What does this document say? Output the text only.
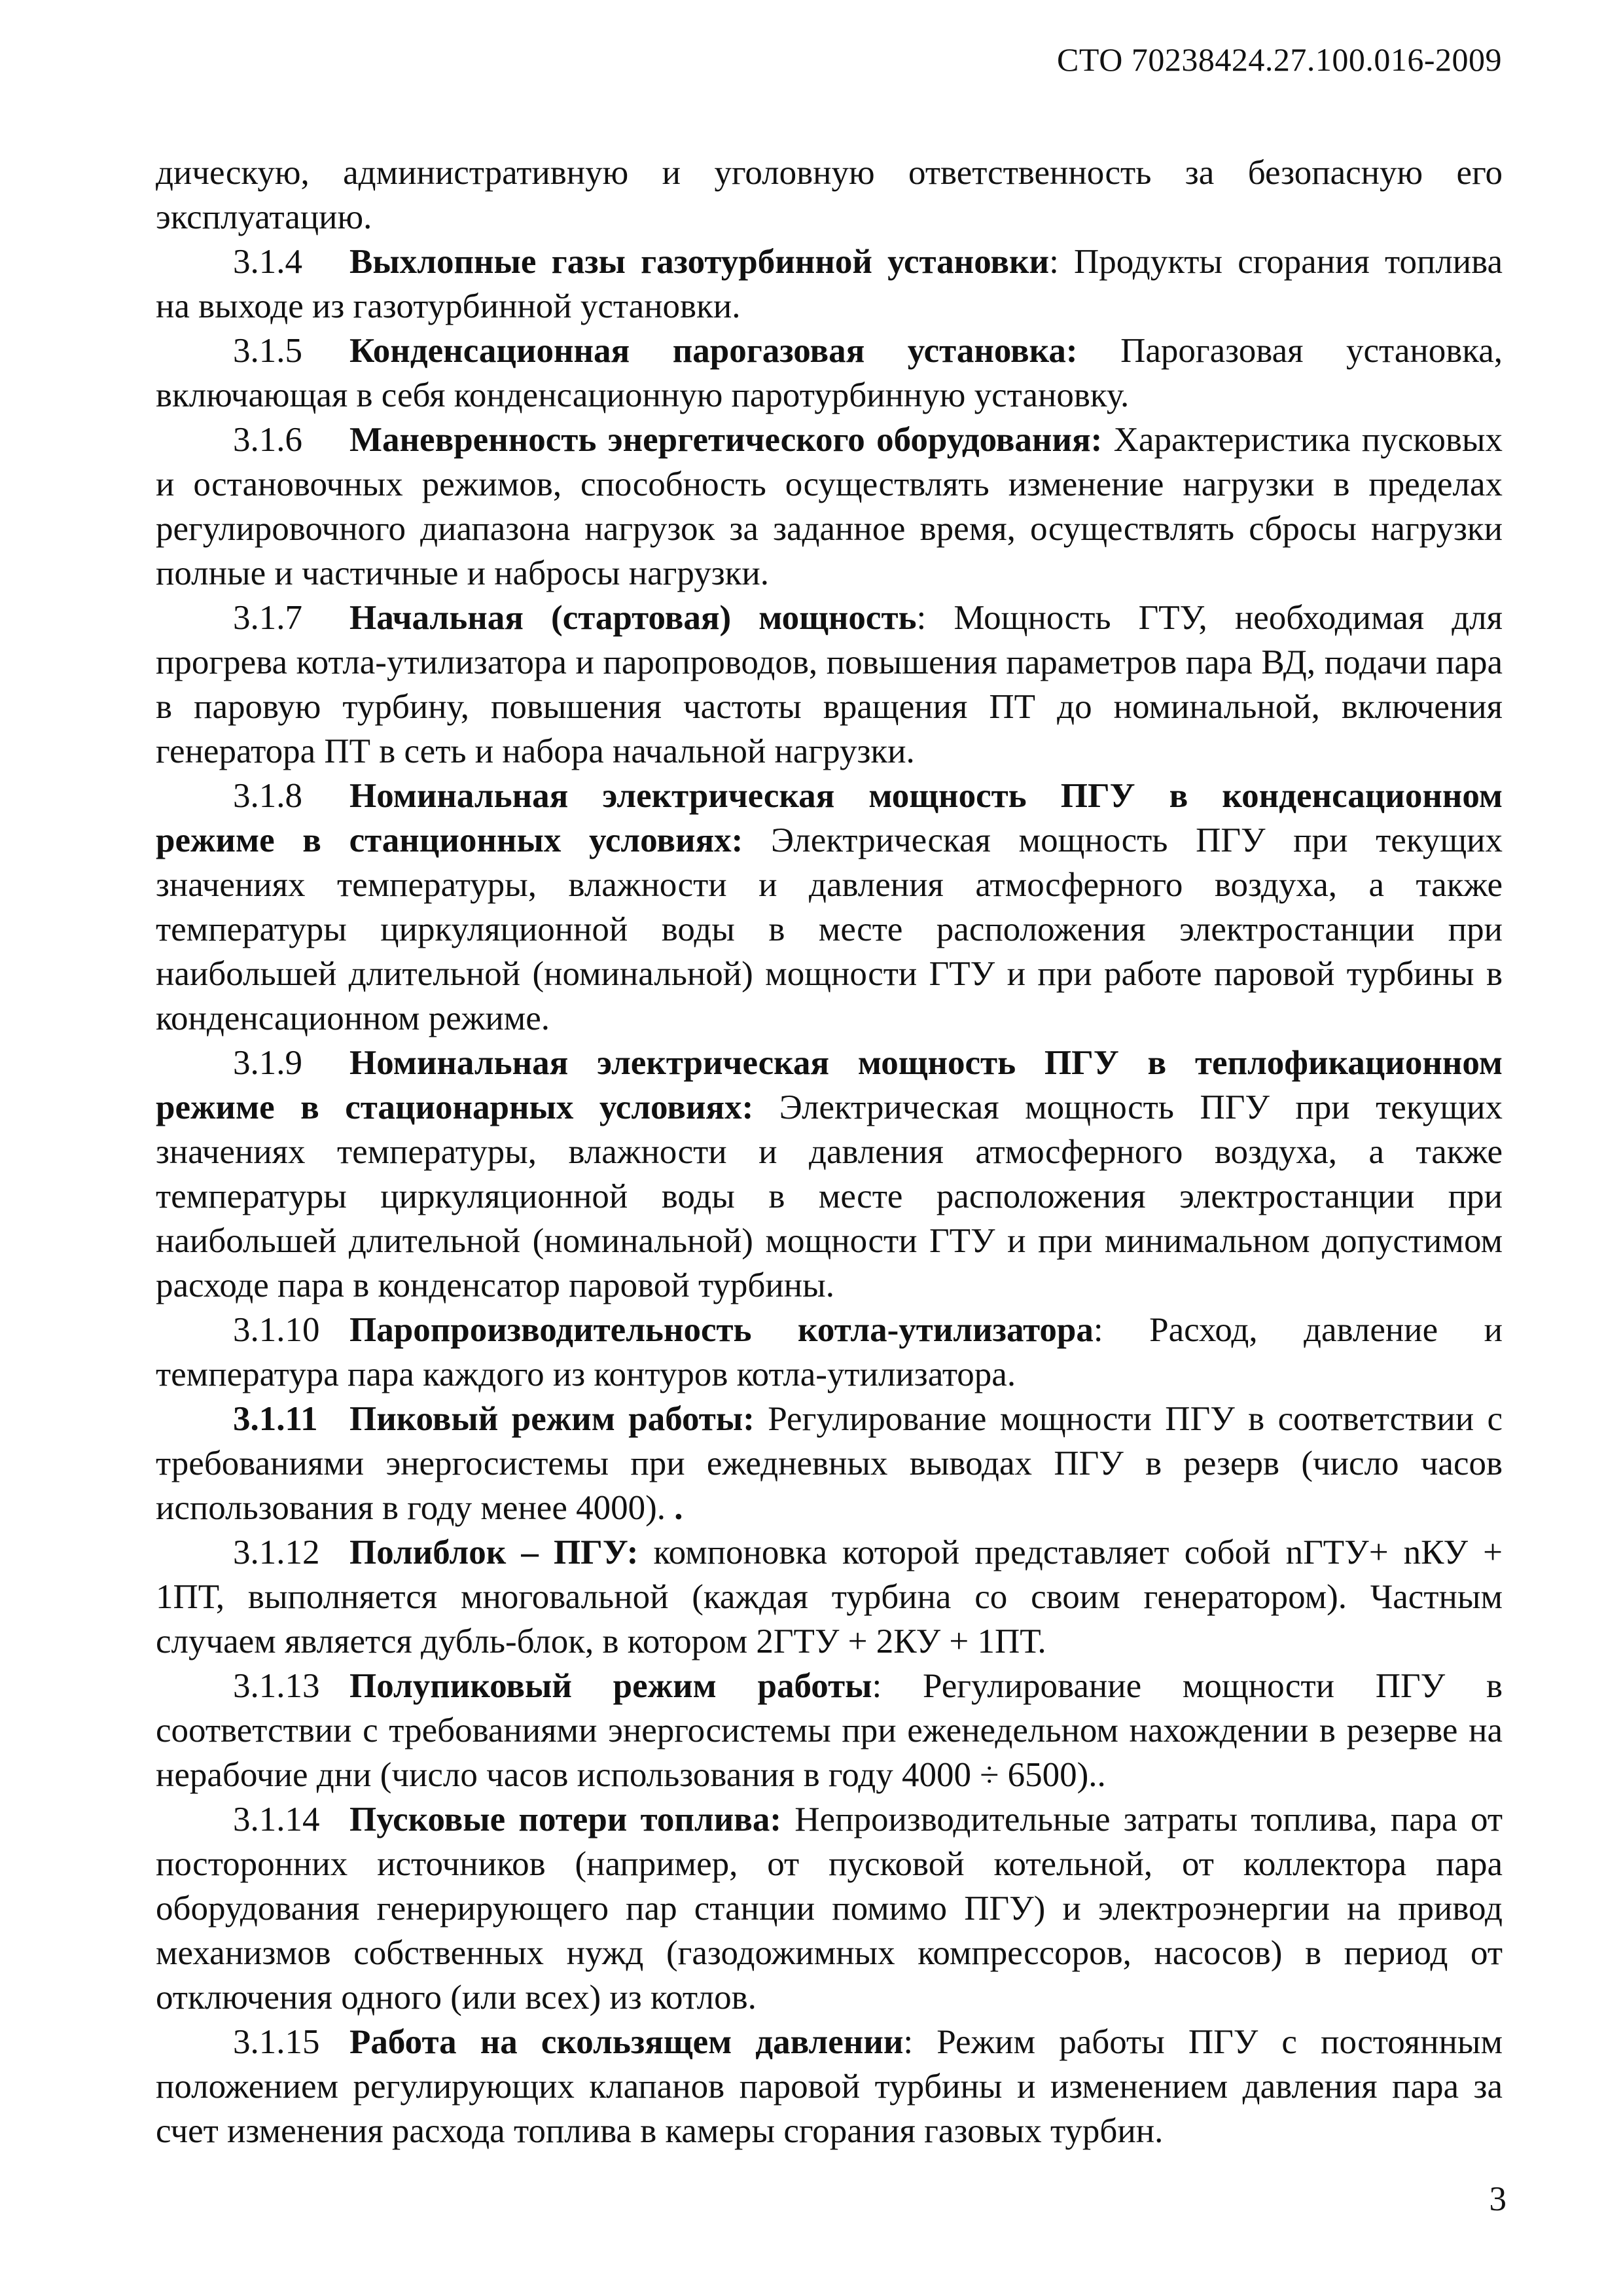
СТО 70238424.27.100.016-2009

дическую, административную и уголовную ответственность за безопасную его эксплуатацию.

3.1.4 Выхлопные газы газотурбинной установки: Продукты сгорания топлива на выходе из газотурбинной установки.

3.1.5 Конденсационная парогазовая установка: Парогазовая установка, включающая в себя конденсационную паротурбинную установку.

3.1.6 Маневренность энергетического оборудования: Характеристика пусковых и остановочных режимов, способность осуществлять изменение нагрузки в пределах регулировочного диапазона нагрузок за заданное время, осуществлять сбросы нагрузки полные и частичные и набросы нагрузки.

3.1.7 Начальная (стартовая) мощность: Мощность ГТУ, необходимая для прогрева котла-утилизатора и паропроводов, повышения параметров пара ВД, подачи пара в паровую турбину, повышения частоты вращения ПТ до номинальной, включения генератора ПТ в сеть и набора начальной нагрузки.

3.1.8 Номинальная электрическая мощность ПГУ в конденсационном режиме в станционных условиях: Электрическая мощность ПГУ при текущих значениях температуры, влажности и давления атмосферного воздуха, а также температуры циркуляционной воды в месте расположения электростанции при наибольшей длительной (номинальной) мощности ГТУ и при работе паровой турбины в конденсационном режиме.

3.1.9 Номинальная электрическая мощность ПГУ в теплофикационном режиме в стационарных условиях: Электрическая мощность ПГУ при текущих значениях температуры, влажности и давления атмосферного воздуха, а также температуры циркуляционной воды в месте расположения электростанции при наибольшей длительной (номинальной) мощности ГТУ и при минимальном допустимом расходе пара в конденсатор паровой турбины.

3.1.10 Паропроизводительность котла-утилизатора: Расход, давление и температура пара каждого из контуров котла-утилизатора.

3.1.11 Пиковый режим работы: Регулирование мощности ПГУ в соответствии с требованиями энергосистемы при ежедневных выводах ПГУ в резерв (число часов использования в году менее 4000). .

3.1.12 Полиблок – ПГУ: компоновка которой представляет собой nГТУ+ nКУ + 1ПТ, выполняется многовальной (каждая турбина со своим генератором). Частным случаем является дубль-блок, в котором 2ГТУ + 2КУ + 1ПТ.

3.1.13 Полупиковый режим работы: Регулирование мощности ПГУ в соответствии с требованиями энергосистемы при еженедельном нахождении в резерве на нерабочие дни (число часов использования в году 4000 ÷ 6500)..

3.1.14 Пусковые потери топлива: Непроизводительные затраты топлива, пара от посторонних источников (например, от пусковой котельной, от коллектора пара оборудования генерирующего пар станции помимо ПГУ) и электроэнергии на привод механизмов собственных нужд (газодожимных компрессоров, насосов) в период от отключения одного (или всех) из котлов.

3.1.15 Работа на скользящем давлении: Режим работы ПГУ с постоянным положением регулирующих клапанов паровой турбины и изменением давления пара за счет изменения расхода топлива в камеры сгорания газовых турбин.

3
